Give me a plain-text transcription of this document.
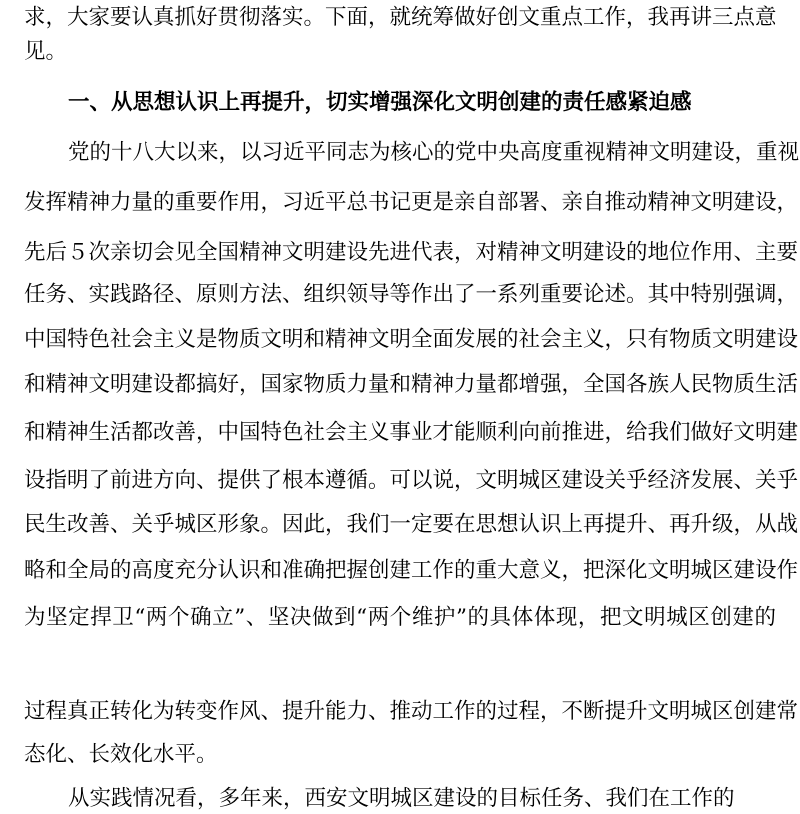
求，大家要认真抓好贯彻落实。下面，就统筹做好创文重点工作，我再讲三点意
见。
一、从思想认识上再提升，切实增强深化文明创建的责任感紧迫感
党的十八大以来，以习近平同志为核心的党中央高度重视精神文明建设，重视
发挥精神力量的重要作用，习近平总书记更是亲自部署、亲自推动精神文明建设，
先后５次亲切会见全国精神文明建设先进代表，对精神文明建设的地位作用、主要
任务、实践路径、原则方法、组织领导等作出了一系列重要论述。其中特别强调，
中国特色社会主义是物质文明和精神文明全面发展的社会主义，只有物质文明建设
和精神文明建设都搞好，国家物质力量和精神力量都增强，全国各族人民物质生活
和精神生活都改善，中国特色社会主义事业才能顺利向前推进，给我们做好文明建
设指明了前进方向、提供了根本遵循。可以说，文明城区建设关乎经济发展、关乎
民生改善、关乎城区形象。因此，我们一定要在思想认识上再提升、再升级，从战
略和全局的高度充分认识和准确把握创建工作的重大意义，把深化文明城区建设作
为坚定捍卫“两个确立”、坚决做到“两个维护”的具体体现，把文明城区创建的
过程真正转化为转变作风、提升能力、推动工作的过程，不断提升文明城区创建常
态化、长效化水平。
从实践情况看，多年来，西安文明城区建设的目标任务、我们在工作的
